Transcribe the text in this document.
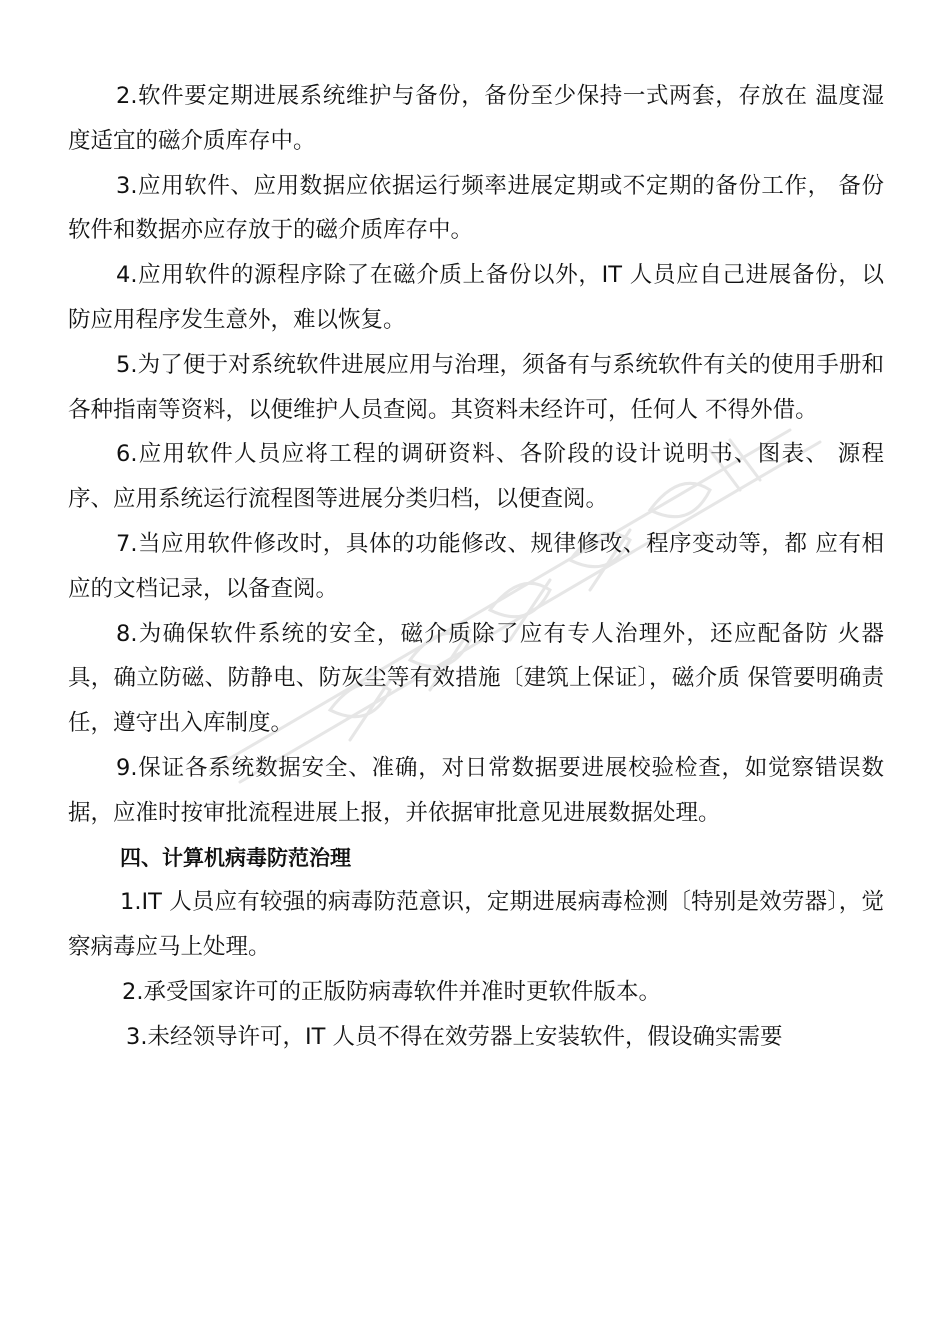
2.软件要定期进展系统维护与备份，备份至少保持一式两套，存放在 温度湿度适宜的磁介质库存中。

3.应用软件、应用数据应依据运行频率进展定期或不定期的备份工作， 备份软件和数据亦应存放于的磁介质库存中。

4.应用软件的源程序除了在磁介质上备份以外，IT 人员应自己进展备份，以防应用程序发生意外，难以恢复。

5.为了便于对系统软件进展应用与治理，须备有与系统软件有关的使用手册和各种指南等资料，以便维护人员查阅。其资料未经许可，任何人 不得外借。

6.应用软件人员应将工程的调研资料、各阶段的设计说明书、图表、 源程序、应用系统运行流程图等进展分类归档，以便查阅。

7.当应用软件修改时，具体的功能修改、规律修改、程序变动等，都 应有相应的文档记录，以备查阅。

8.为确保软件系统的安全，磁介质除了应有专人治理外，还应配备防 火器具，确立防磁、防静电、防灰尘等有效措施〔建筑上保证〕，磁介质 保管要明确责任，遵守出入库制度。

9.保证各系统数据安全、准确，对日常数据要进展校验检查，如觉察错误数据，应准时按审批流程进展上报，并依据审批意见进展数据处理。

四、计算机病毒防范治理

1.IT 人员应有较强的病毒防范意识，定期进展病毒检测〔特别是效劳器〕，觉察病毒应马上处理。

2.承受国家许可的正版防病毒软件并准时更软件版本。

3.未经领导许可，IT 人员不得在效劳器上安装软件，假设确实需要
